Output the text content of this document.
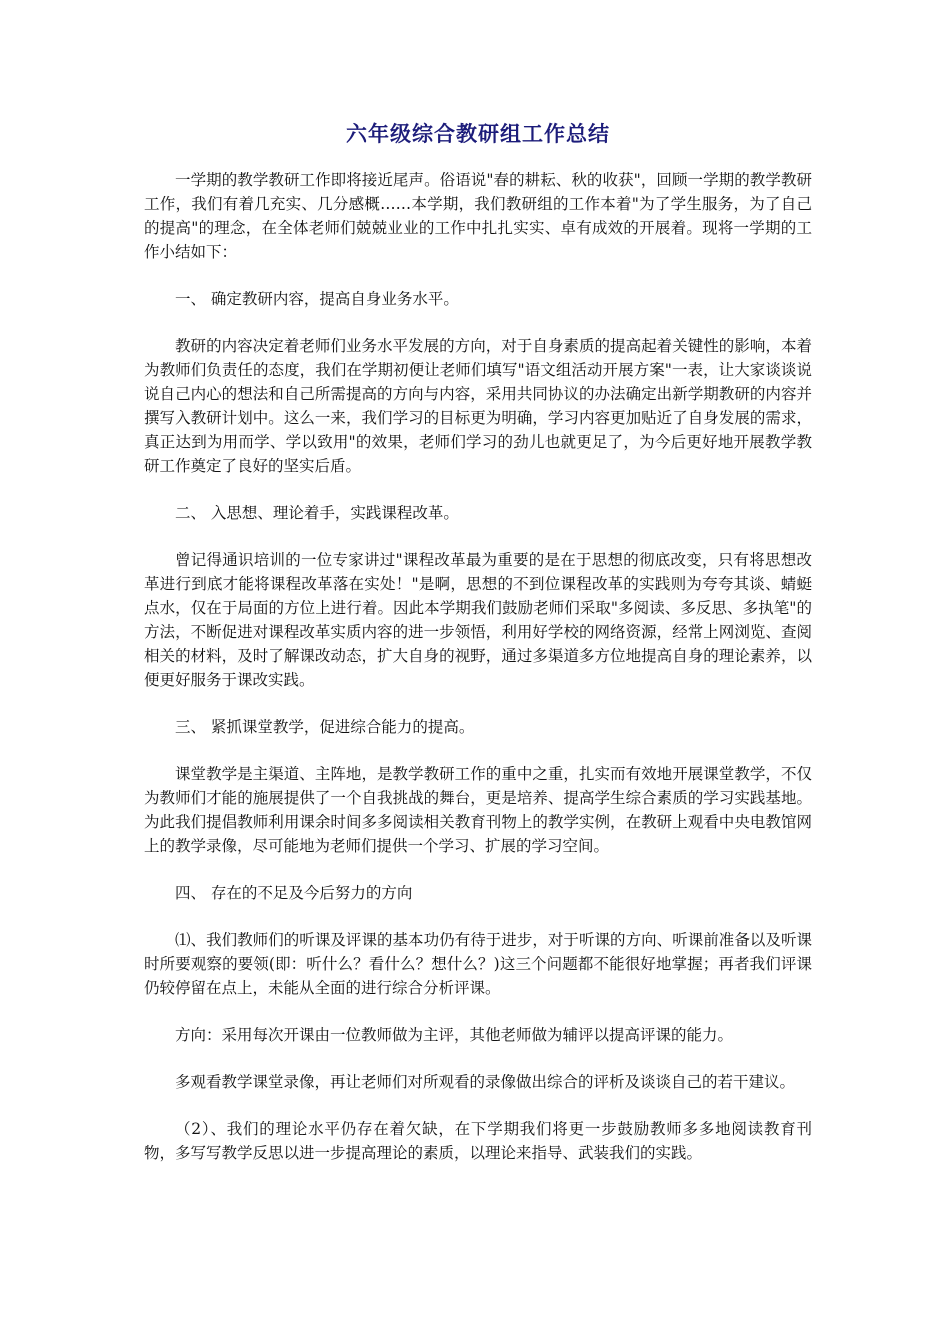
六年级综合教研组工作总结

一学期的教学教研工作即将接近尾声。俗语说"春的耕耘、秋的收获"，回顾一学期的教学教研工作，我们有着几充实、几分感概……本学期，我们教研组的工作本着"为了学生服务，为了自己的提高"的理念，在全体老师们兢兢业业的工作中扎扎实实、卓有成效的开展着。现将一学期的工作小结如下：

一、 确定教研内容，提高自身业务水平。

教研的内容决定着老师们业务水平发展的方向，对于自身素质的提高起着关键性的影响，本着为教师们负责任的态度，我们在学期初便让老师们填写"语文组活动开展方案"一表，让大家谈谈说说自己内心的想法和自己所需提高的方向与内容，采用共同协议的办法确定出新学期教研的内容并撰写入教研计划中。这么一来，我们学习的目标更为明确，学习内容更加贴近了自身发展的需求，真正达到为用而学、学以致用"的效果，老师们学习的劲儿也就更足了，为今后更好地开展教学教研工作奠定了良好的坚实后盾。

二、 入思想、理论着手，实践课程改革。

曾记得通识培训的一位专家讲过"课程改革最为重要的是在于思想的彻底改变，只有将思想改革进行到底才能将课程改革落在实处！"是啊，思想的不到位课程改革的实践则为夸夸其谈、蜻蜓点水，仅在于局面的方位上进行着。因此本学期我们鼓励老师们采取"多阅读、多反思、多执笔"的方法，不断促进对课程改革实质内容的进一步领悟，利用好学校的网络资源，经常上网浏览、查阅相关的材料，及时了解课改动态，扩大自身的视野，通过多渠道多方位地提高自身的理论素养，以便更好服务于课改实践。

三、 紧抓课堂教学，促进综合能力的提高。

课堂教学是主渠道、主阵地，是教学教研工作的重中之重，扎实而有效地开展课堂教学，不仅为教师们才能的施展提供了一个自我挑战的舞台，更是培养、提高学生综合素质的学习实践基地。为此我们提倡教师利用课余时间多多阅读相关教育刊物上的教学实例，在教研上观看中央电教馆网上的教学录像，尽可能地为老师们提供一个学习、扩展的学习空间。

四、 存在的不足及今后努力的方向

⑴、我们教师们的听课及评课的基本功仍有待于进步，对于听课的方向、听课前准备以及听课时所要观察的要领(即：听什么？看什么？想什么？)这三个问题都不能很好地掌握；再者我们评课仍较停留在点上，未能从全面的进行综合分析评课。

方向：采用每次开课由一位教师做为主评，其他老师做为辅评以提高评课的能力。

多观看教学课堂录像，再让老师们对所观看的录像做出综合的评析及谈谈自己的若干建议。

（2）、我们的理论水平仍存在着欠缺，在下学期我们将更一步鼓励教师多多地阅读教育刊物，多写写教学反思以进一步提高理论的素质，以理论来指导、武装我们的实践。
